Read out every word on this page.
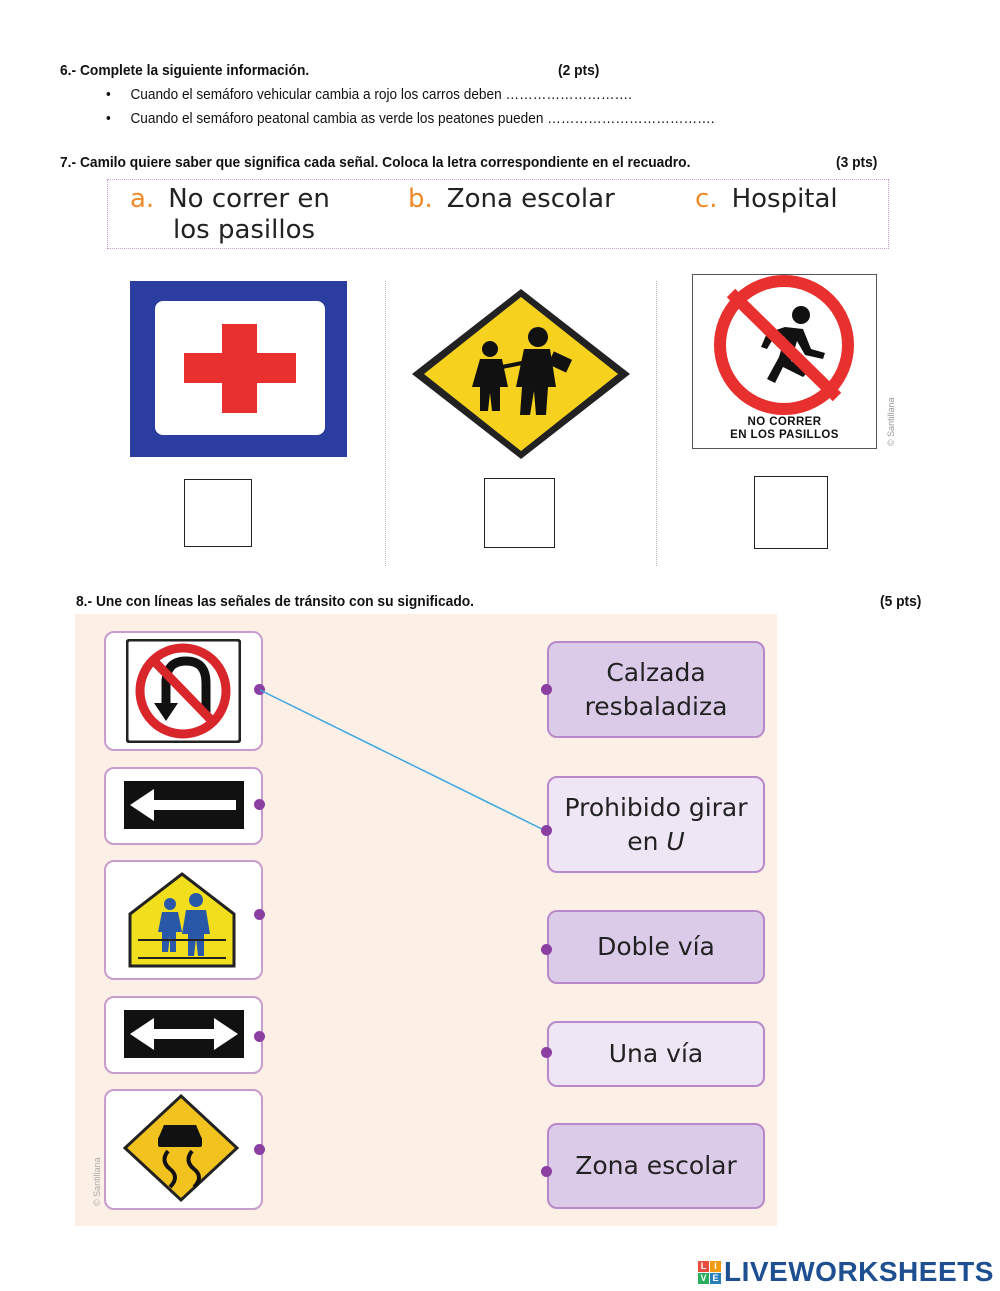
6.- Complete la siguiente información.	(2 pts)
• Cuando el semáforo vehicular cambia a rojo los carros deben ……………………….
• Cuando el semáforo peatonal cambia as verde los peatones pueden ……………………………….
7.- Camilo quiere saber que significa cada señal. Coloca la letra correspondiente en el recuadro.	(3 pts)
a. No correr en
los pasillos
b. Zona escolar	c. Hospital
NO CORRER
EN LOS PASILLOS	© Santillana
8.- Une con líneas las señales de tránsito con su significado.	(5 pts)
© Santillana
Calzada
resbaladiza
Prohibido girar
en U
Doble vía
Una vía
Zona escolar
L I
V E LIVEWORKSHEETS
